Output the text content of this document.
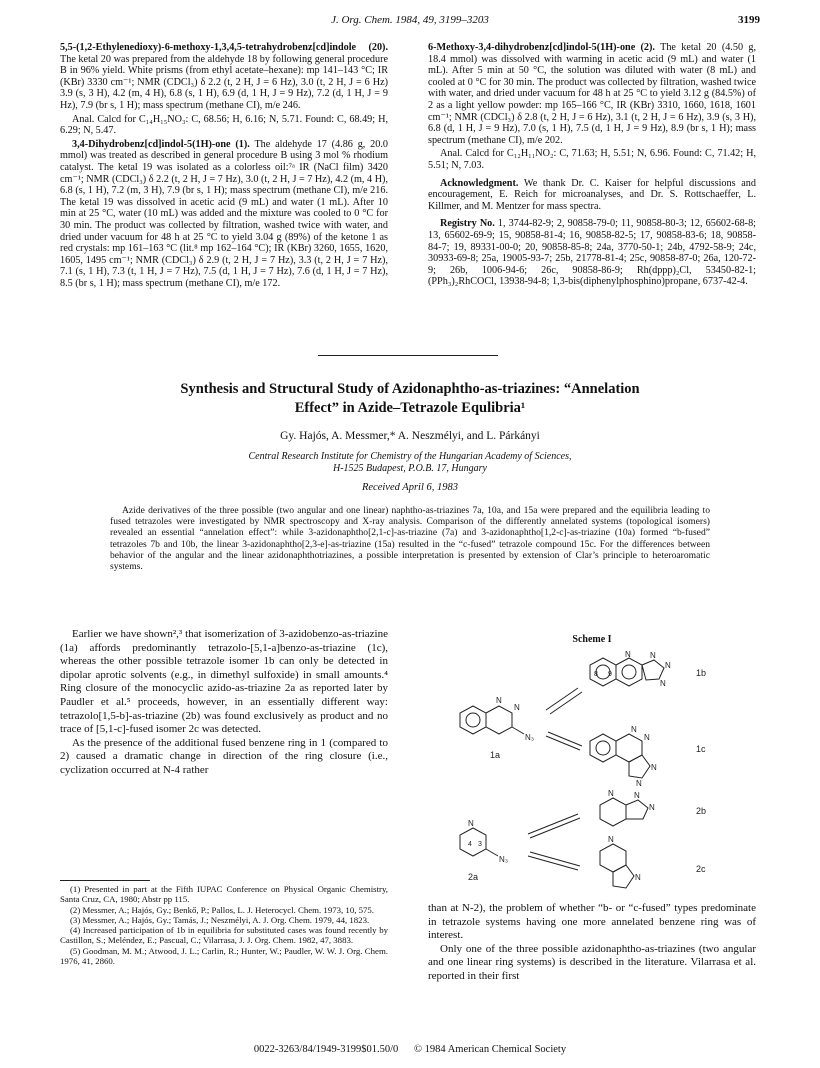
J. Org. Chem. 1984, 49, 3199–3203	3199

5,5-(1,2-Ethylenedioxy)-6-methoxy-1,3,4,5-tetrahydrobenz[cd]indole (20). The ketal 20 was prepared from the aldehyde 18 by following general procedure B in 96% yield. White prisms (from ethyl acetate–hexane): mp 141–143 °C; IR (KBr) 3330 cm⁻¹; NMR (CDCl₃) δ 2.2 (t, 2 H, J = 6 Hz), 3.0 (t, 2 H, J = 6 Hz) 3.9 (s, 3 H), 4.2 (m, 4 H), 6.8 (s, 1 H), 6.9 (d, 1 H, J = 9 Hz), 7.2 (d, 1 H, J = 9 Hz), 7.9 (br s, 1 H); mass spectrum (methane CI), m/e 246.

Anal. Calcd for C₁₄H₁₅NO₃: C, 68.56; H, 6.16; N, 5.71. Found: C, 68.49; H, 6.29; N, 5.47.

3,4-Dihydrobenz[cd]indol-5(1H)-one (1). The aldehyde 17 (4.86 g, 20.0 mmol) was treated as described in general procedure B using 3 mol % rhodium catalyst. The ketal 19 was isolated as a colorless oil:⁷ᵃ IR (NaCl film) 3420 cm⁻¹; NMR (CDCl₃) δ 2.2 (t, 2 H, J = 7 Hz), 3.0 (t, 2 H, J = 7 Hz), 4.2 (m, 4 H), 6.8 (s, 1 H), 7.2 (m, 3 H), 7.9 (br s, 1 H); mass spectrum (methane CI), m/e 216. The ketal 19 was dissolved in acetic acid (9 mL) and water (1 mL). After 10 min at 25 °C, water (10 mL) was added and the mixture was cooled to 0 °C for 30 min. The product was collected by filtration, washed twice with water, and dried under vacuum for 48 h at 25 °C to yield 3.04 g (89%) of the ketone 1 as red crystals: mp 161–163 °C (lit.⁸ mp 162–164 °C); IR (KBr) 3260, 1655, 1620, 1605, 1495 cm⁻¹; NMR (CDCl₃) δ 2.9 (t, 2 H, J = 7 Hz), 3.3 (t, 2 H, J = 7 Hz), 7.1 (s, 1 H), 7.3 (t, 1 H, J = 7 Hz), 7.5 (d, 1 H, J = 7 Hz), 7.6 (d, 1 H, J = 7 Hz), 8.5 (br s, 1 H); mass spectrum (methane CI), m/e 172.

6-Methoxy-3,4-dihydrobenz[cd]indol-5(1H)-one (2). The ketal 20 (4.50 g, 18.4 mmol) was dissolved with warming in acetic acid (9 mL) and water (1 mL). After 5 min at 50 °C, the solution was diluted with water (8 mL) and cooled at 0 °C for 30 min. The product was collected by filtration, washed twice with water, and dried under vacuum for 48 h at 25 °C to yield 3.12 g (84.5%) of 2 as a light yellow powder: mp 165–166 °C, IR (KBr) 3310, 1660, 1618, 1601 cm⁻¹; NMR (CDCl₃) δ 2.8 (t, 2 H, J = 6 Hz), 3.1 (t, 2 H, J = 6 Hz), 3.9 (s, 3 H), 6.8 (d, 1 H, J = 9 Hz), 7.0 (s, 1 H), 7.5 (d, 1 H, J = 9 Hz), 8.9 (br s, 1 H); mass spectrum (methane CI), m/e 202.

Anal. Calcd for C₁₂H₁₁NO₂: C, 71.63; H, 5.51; N, 6.96. Found: C, 71.42; H, 5.51; N, 7.03.

Acknowledgment. We thank Dr. C. Kaiser for helpful discussions and encouragement, E. Reich for microanalyses, and Dr. S. Rottschaeffer, L. Killmer, and M. Mentzer for mass spectra.

Registry No. 1, 3744-82-9; 2, 90858-79-0; 11, 90858-80-3; 12, 65602-68-8; 13, 65602-69-9; 15, 90858-81-4; 16, 90858-82-5; 17, 90858-83-6; 18, 90858-84-7; 19, 89331-00-0; 20, 90858-85-8; 24a, 3770-50-1; 24b, 4792-58-9; 24c, 30933-69-8; 25a, 19005-93-7; 25b, 21778-81-4; 25c, 90858-87-0; 26a, 120-72-9; 26b, 1006-94-6; 26c, 90858-86-9; Rh(dppp)₂Cl, 53450-82-1; (PPh₃)₂RhCOCl, 13938-94-8; 1,3-bis(diphenylphosphino)propane, 6737-42-4.

Synthesis and Structural Study of Azidonaphtho-as-triazines: “Annelation
Effect” in Azide–Tetrazole Equlibria¹
Gy. Hajós, A. Messmer,* A. Neszmélyi, and L. Párkányi
Central Research Institute for Chemistry of the Hungarian Academy of Sciences,
H-1525 Budapest, P.O.B. 17, Hungary
Received April 6, 1983
Azide derivatives of the three possible (two angular and one linear) naphtho-as-triazines 7a, 10a, and 15a were prepared and the equilibria leading to fused tetrazoles were investigated by NMR spectroscopy and X-ray analysis. Comparison of the differently annelated systems (topological isomers) revealed an essential “annelation effect”: while 3-azidonaphtho[2,1-c]-as-triazine (7a) and 3-azidonaphtho[1,2-c]-as-triazine (10a) formed “b-fused” tetrazoles 7b and 10b, the linear 3-azidonaphtho[2,3-e]-as-triazine (15a) resulted in the “c-fused” tetrazole compound 15c. For the differences between behavior of the angular and the linear azidonaphthotriazines, a possible interpretation is presented by extension of Clar’s principle to heteroaromatic systems.

Earlier we have shown²,³ that isomerization of 3-azidobenzo-as-triazine (1a) affords predominantly tetrazolo-[5,1-a]benzo-as-triazine (1c), whereas the other possible tetrazole isomer 1b can only be detected in dipolar aprotic solvents (e.g., in dimethyl sulfoxide) in small amounts.⁴ Ring closure of the monocyclic azido-as-triazine 2a as reported later by Paudler et al.⁵ proceeds, however, in an essentially different way: tetrazolo[1,5-b]-as-triazine (2b) was found exclusively as product and no trace of [5,1-c]-fused isomer 2c was detected.

As the presence of the additional fused benzene ring in 1 (compared to 2) caused a dramatic change in direction of the ring closure (i.e., cyclization occurred at N-4 rather

(1) Presented in part at the Fifth IUPAC Conference on Physical Organic Chemistry, Santa Cruz, CA, 1980; Abstr pp 115.

(2) Messmer, A.; Hajós, Gy.; Benkő, P.; Pallos, L. J. Heterocycl. Chem. 1973, 10, 575.

(3) Messmer, A.; Hajós, Gy.; Tamás, J.; Neszmélyi, A. J. Org. Chem. 1979, 44, 1823.

(4) Increased participation of 1b in equilibria for substituted cases was found recently by Castillon, S.; Meléndez, E.; Pascual, C.; Vilarrasa, J. J. Org. Chem. 1982, 47, 3883.

(5) Goodman, M. M.; Atwood, J. L.; Carlin, R.; Hunter, W.; Paudler, W. W. J. Org. Chem. 1976, 41, 2860.

Scheme I
8 9
N N
N
N
1b
N
N
N₃
1a
N
N
N
N
1c
N	N
N	2b
N
4 3
N₃
2a
N
N
2c

than at N-2), the problem of whether “b- or “c-fused” types predominate in tetrazole systems having one more annelated benzene ring was of interest.

Only one of the three possible azidonaphtho-as-triazines (two angular and one linear ring systems) is described in the literature. Vilarrasa et al. reported in their first

0022-3263/84/1949-3199$01.50/0 © 1984 American Chemical Society
